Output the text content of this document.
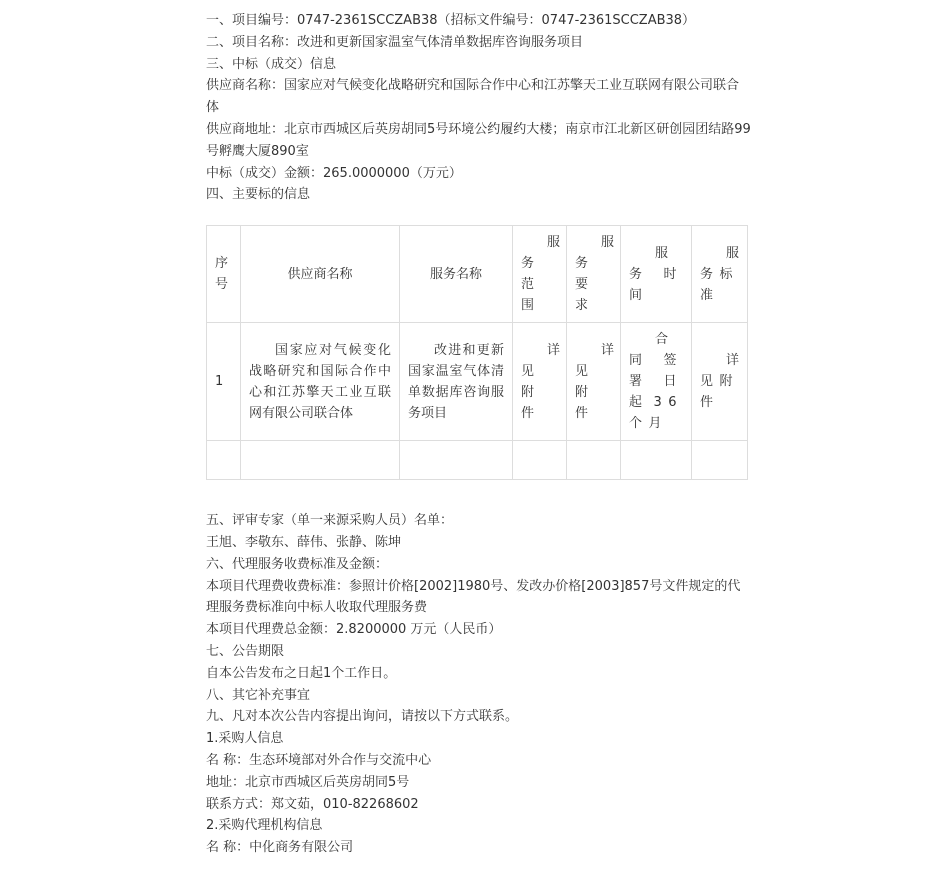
一、项目编号：0747-2361SCCZAB38（招标文件编号：0747-2361SCCZAB38）

二、项目名称：改进和更新国家温室气体清单数据库咨询服务项目

三、中标（成交）信息

供应商名称：国家应对气候变化战略研究和国际合作中心和江苏擎天工业互联网有限公司联合体

供应商地址：北京市西城区后英房胡同5号环境公约履约大楼；南京市江北新区研创园团结路99号孵鹰大厦890室

中标（成交）金额：265.0000000（万元）

四、主要标的信息

序号	供应商名称	服务名称	服务范围	服务要求	服务时间	服务标准
1	国家应对气候变化战略研究和国际合作中心和江苏擎天工业互联网有限公司联合体	改进和更新国家温室气体清单数据库咨询服务项目	详见附件	详见附件	合同签署日起36个月	详见附件

五、评审专家（单一来源采购人员）名单：

王旭、李敬东、薛伟、张静、陈坤

六、代理服务收费标准及金额：

本项目代理费收费标准：参照计价格[2002]1980号、发改办价格[2003]857号文件规定的代理服务费标准向中标人收取代理服务费

本项目代理费总金额：2.8200000 万元（人民币）

七、公告期限

自本公告发布之日起1个工作日。

八、其它补充事宜

九、凡对本次公告内容提出询问，请按以下方式联系。

1.采购人信息

名 称：生态环境部对外合作与交流中心

地址：北京市西城区后英房胡同5号

联系方式：郑文茹，010-82268602

2.采购代理机构信息

名 称：中化商务有限公司
